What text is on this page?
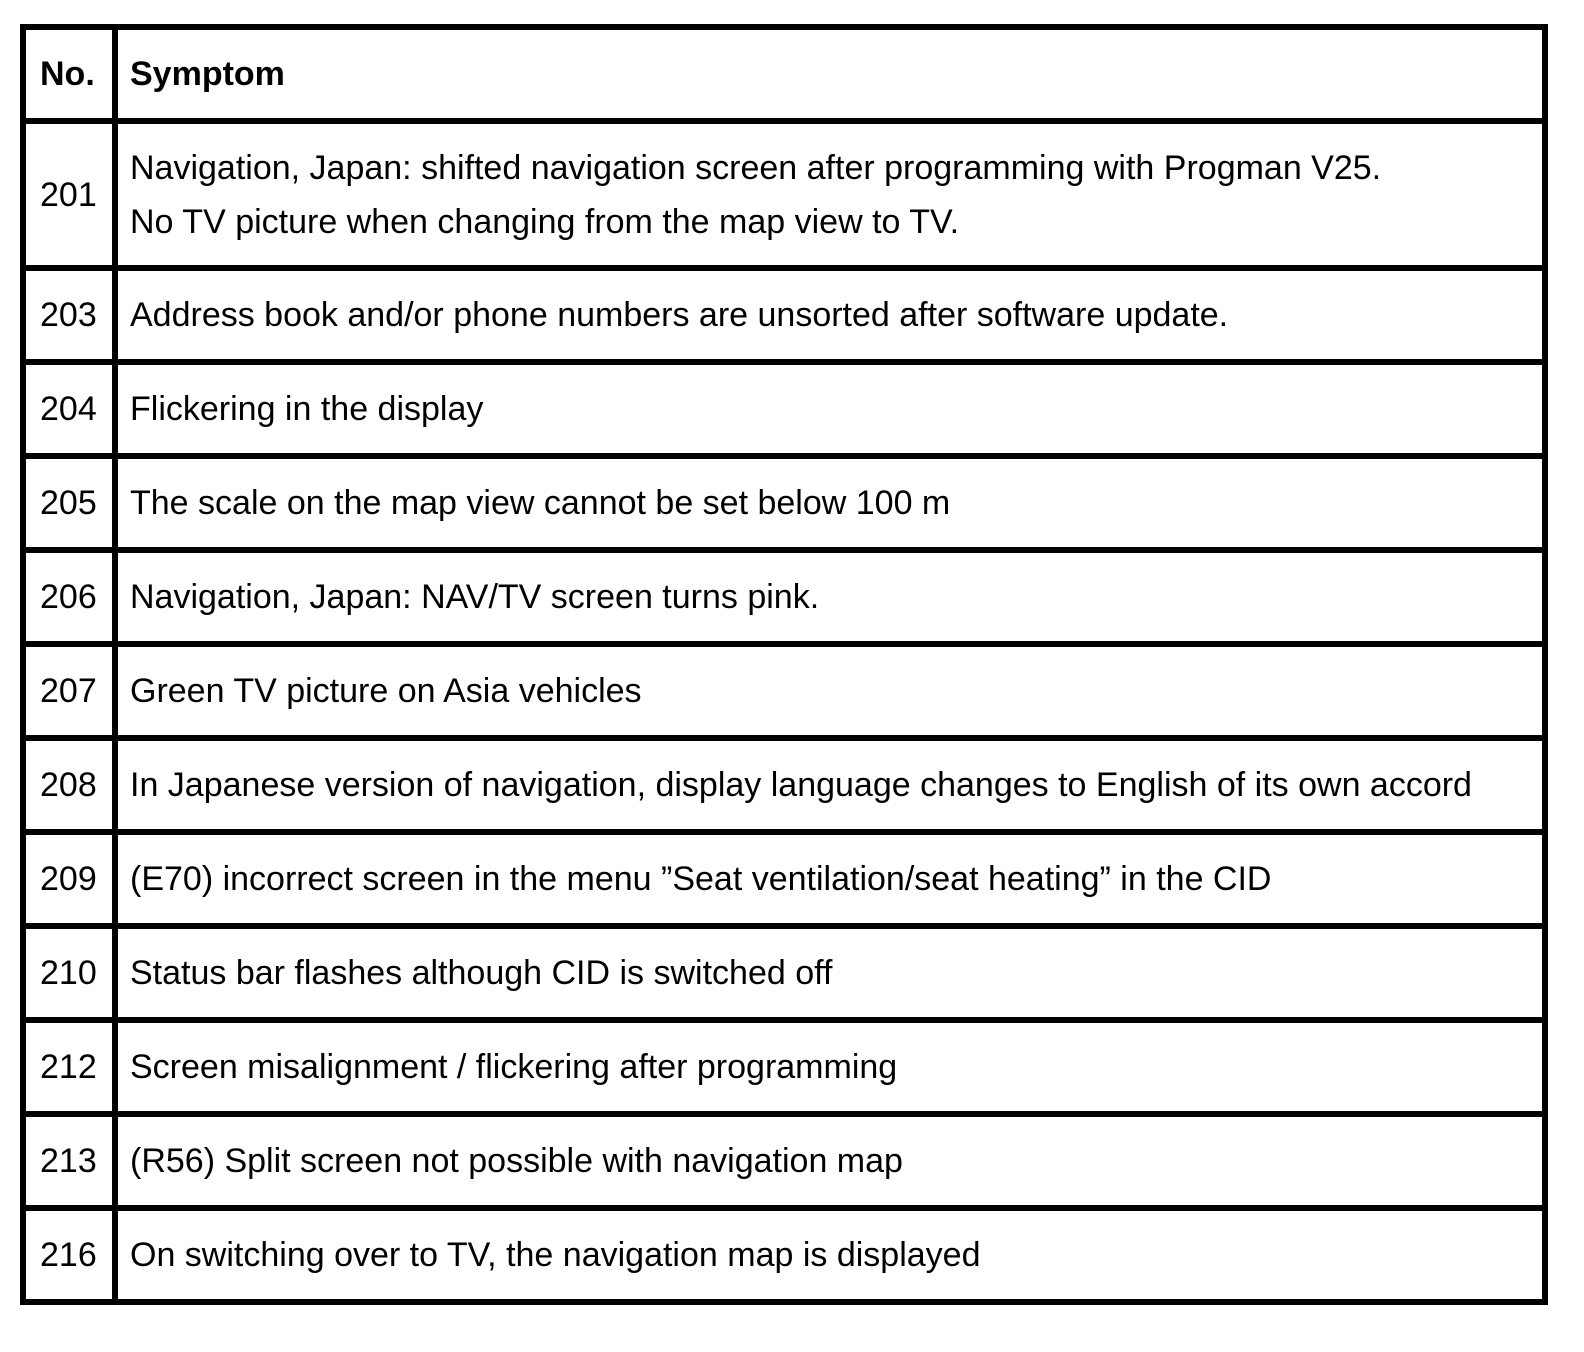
No.	Symptom
201	Navigation, Japan: shifted navigation screen after programming with Progman V25.
No TV picture when changing from the map view to TV.

203	Address book and/or phone numbers are unsorted after software update.

204	Flickering in the display

205	The scale on the map view cannot be set below 100 m

206	Navigation, Japan: NAV/TV screen turns pink.

207	Green TV picture on Asia vehicles

208	In Japanese version of navigation, display language changes to English of its own accord

209	(E70) incorrect screen in the menu ”Seat ventilation/seat heating” in the CID

210	Status bar flashes although CID is switched off

212	Screen misalignment / flickering after programming

213	(R56) Split screen not possible with navigation map

216	On switching over to TV, the navigation map is displayed
